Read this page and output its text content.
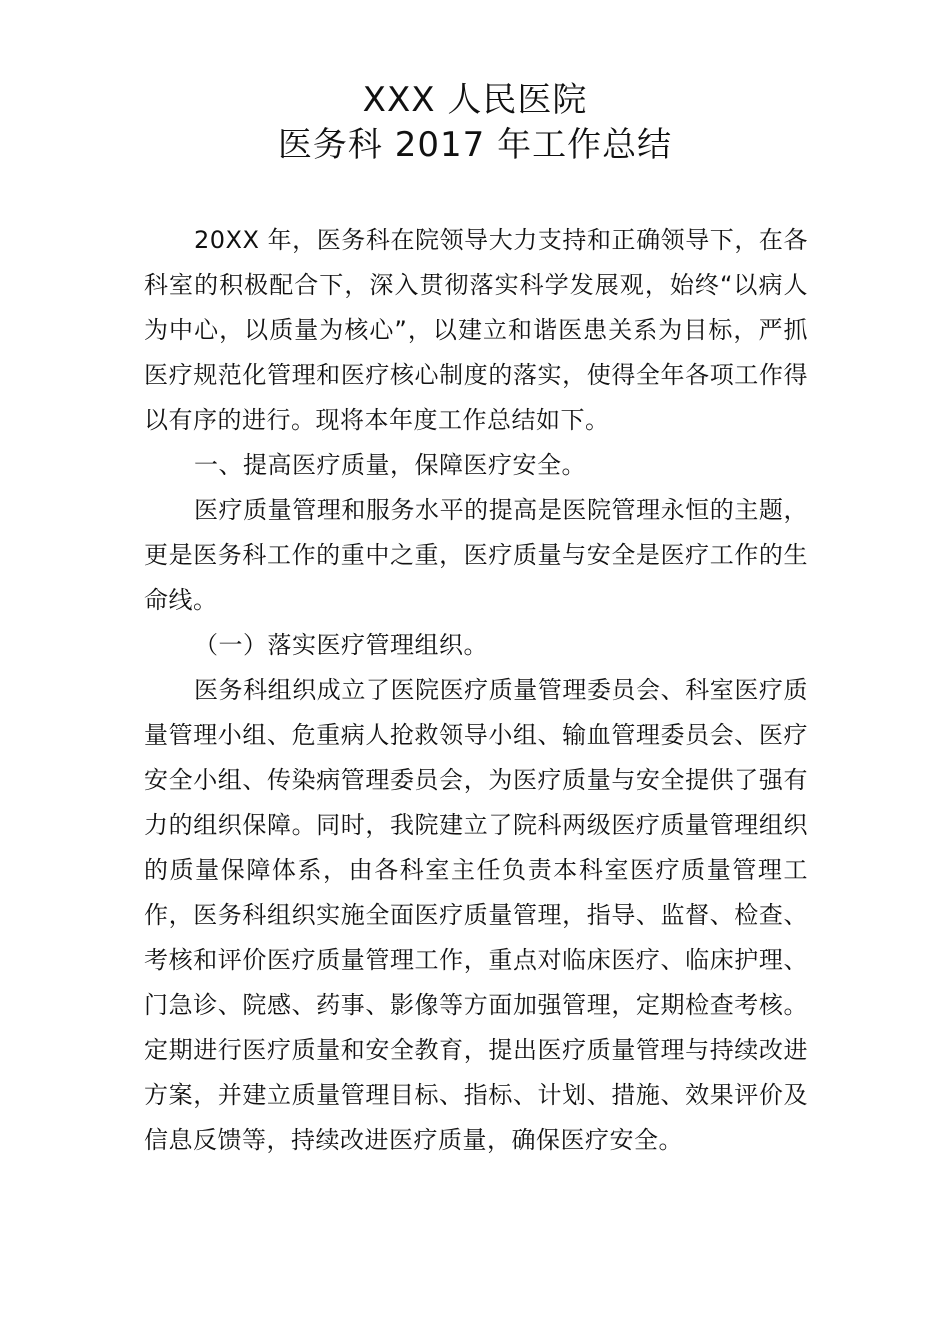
XXX 人民医院
医务科 2017 年工作总结

20XX 年，医务科在院领导大力支持和正确领导下，在各科室的积极配合下，深入贯彻落实科学发展观，始终“以病人为中心，以质量为核心”，以建立和谐医患关系为目标，严抓医疗规范化管理和医疗核心制度的落实，使得全年各项工作得以有序的进行。现将本年度工作总结如下。

一、提高医疗质量，保障医疗安全。

医疗质量管理和服务水平的提高是医院管理永恒的主题，更是医务科工作的重中之重，医疗质量与安全是医疗工作的生命线。

（一）落实医疗管理组织。

医务科组织成立了医院医疗质量管理委员会、科室医疗质量管理小组、危重病人抢救领导小组、输血管理委员会、医疗安全小组、传染病管理委员会，为医疗质量与安全提供了强有力的组织保障。同时，我院建立了院科两级医疗质量管理组织的质量保障体系，由各科室主任负责本科室医疗质量管理工作，医务科组织实施全面医疗质量管理，指导、监督、检查、考核和评价医疗质量管理工作，重点对临床医疗、临床护理、门急诊、院感、药事、影像等方面加强管理，定期检查考核。定期进行医疗质量和安全教育，提出医疗质量管理与持续改进方案，并建立质量管理目标、指标、计划、措施、效果评价及信息反馈等，持续改进医疗质量，确保医疗安全。
